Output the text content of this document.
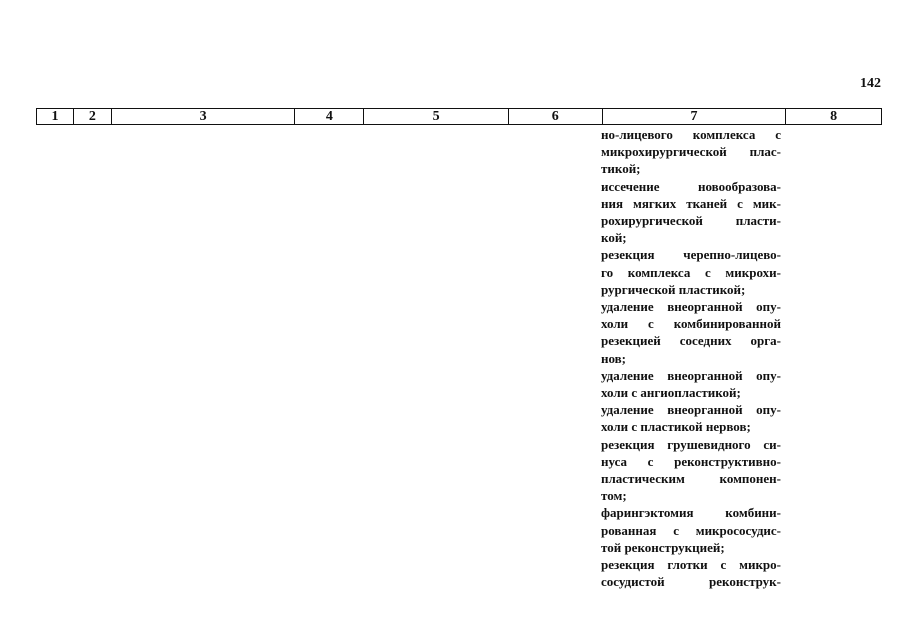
142
1	2	3	4	5	6	7	8
но-лицевого комплекса с
микрохирургической плас-
тикой;
иссечение новообразова-
ния мягких тканей с мик-
рохирургической пласти-
кой;
резекция черепно-лицево-
го комплекса с микрохи-
рургической пластикой;
удаление внеорганной опу-
холи с комбинированной
резекцией соседних орга-
нов;
удаление внеорганной опу-
холи с ангиопластикой;
удаление внеорганной опу-
холи с пластикой нервов;
резекция грушевидного си-
нуса с реконструктивно-
пластическим компонен-
том;
фарингэктомия комбини-
рованная с микрососудис-
той реконструкцией;
резекция глотки с микро-
сосудистой реконструк-
